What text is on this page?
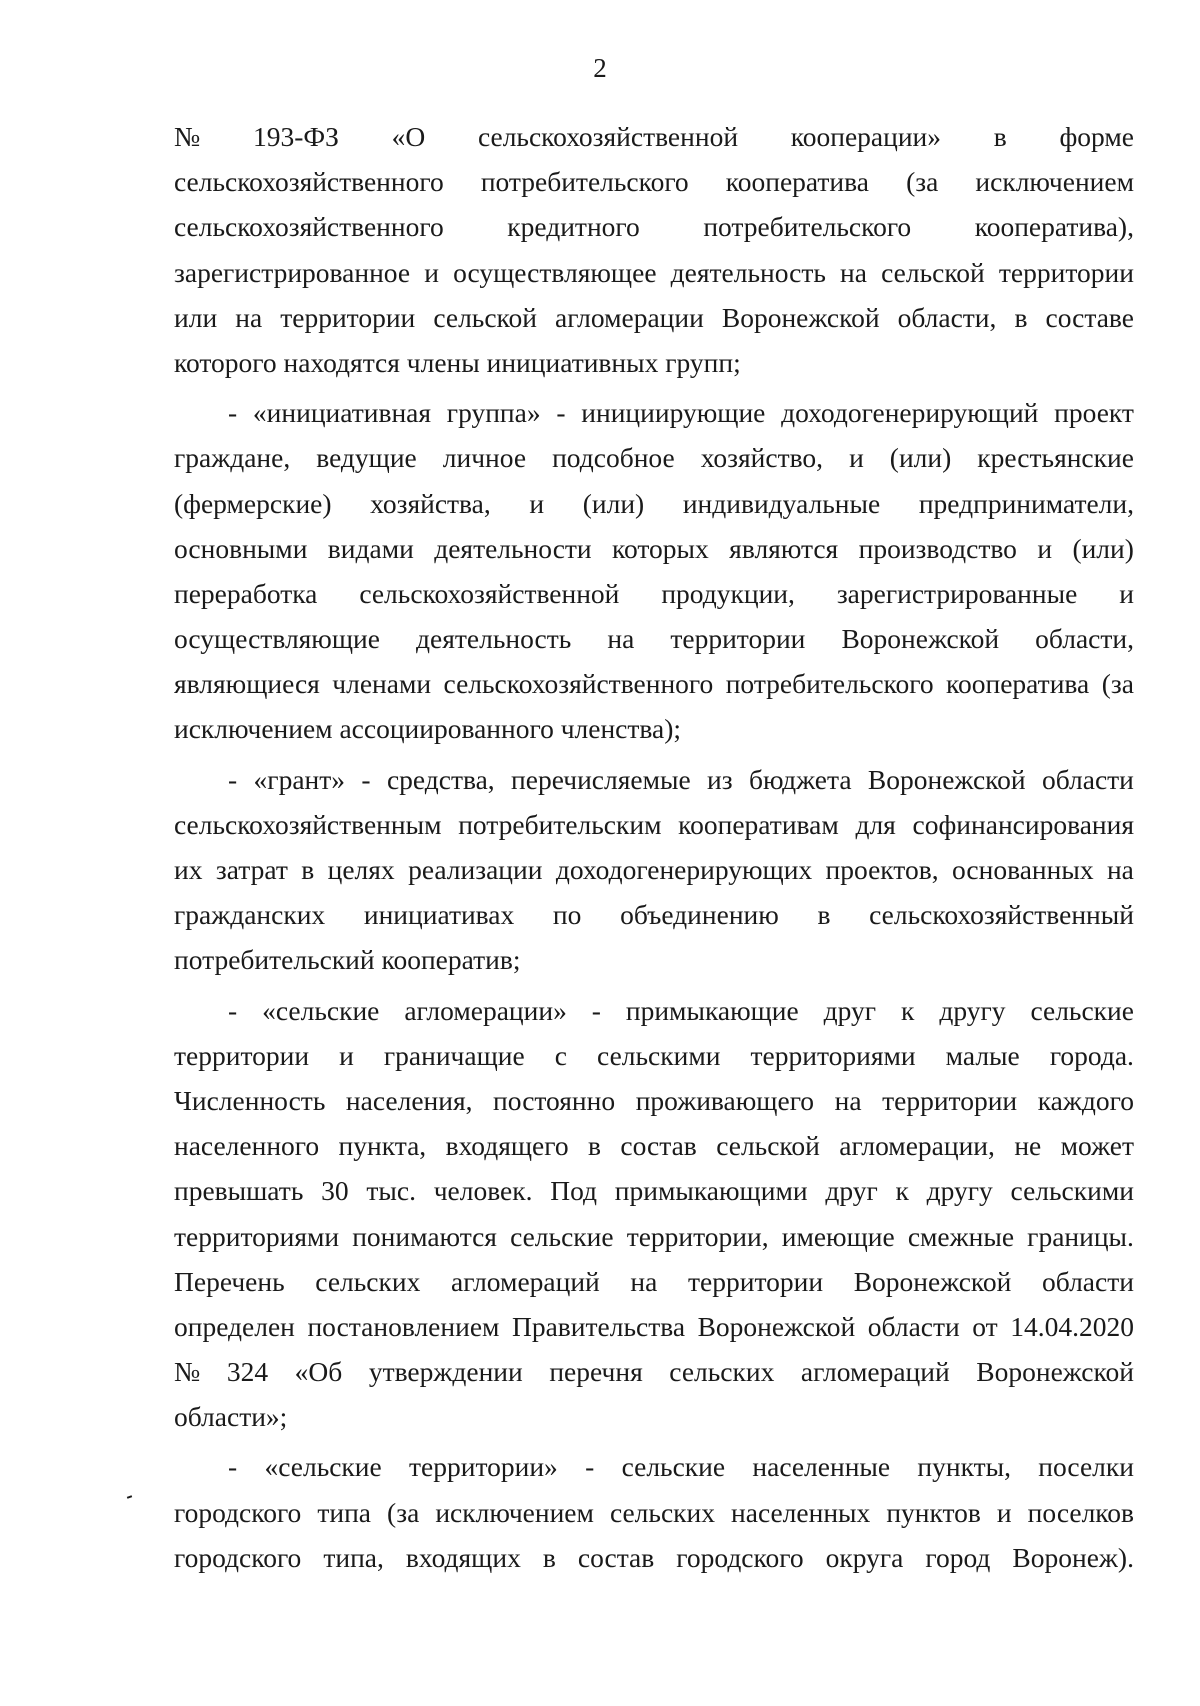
2
№ 193-ФЗ «О сельскохозяйственной кооперации» в форме
сельскохозяйственного потребительского кооператива (за исключением
сельскохозяйственного кредитного потребительского кооператива),
зарегистрированное и осуществляющее деятельность на сельской территории
или на территории сельской агломерации Воронежской области, в составе
которого находятся члены инициативных групп;
- «инициативная группа» - инициирующие доходогенерирующий проект
граждане, ведущие личное подсобное хозяйство, и (или) крестьянские
(фермерские) хозяйства, и (или) индивидуальные предприниматели,
основными видами деятельности которых являются производство и (или)
переработка сельскохозяйственной продукции, зарегистрированные и
осуществляющие деятельность на территории Воронежской области,
являющиеся членами сельскохозяйственного потребительского кооператива (за
исключением ассоциированного членства);
- «грант» - средства, перечисляемые из бюджета Воронежской области
сельскохозяйственным потребительским кооперативам для софинансирования
их затрат в целях реализации доходогенерирующих проектов, основанных на
гражданских инициативах по объединению в сельскохозяйственный
потребительский кооператив;
- «сельские агломерации» - примыкающие друг к другу сельские
территории и граничащие с сельскими территориями малые города.
Численность населения, постоянно проживающего на территории каждого
населенного пункта, входящего в состав сельской агломерации, не может
превышать 30 тыс. человек. Под примыкающими друг к другу сельскими
территориями понимаются сельские территории, имеющие смежные границы.
Перечень сельских агломераций на территории Воронежской области
определен постановлением Правительства Воронежской области от 14.04.2020
№ 324 «Об утверждении перечня сельских агломераций Воронежской
области»;
- «сельские территории» - сельские населенные пункты, поселки
городского типа (за исключением сельских населенных пунктов и поселков
городского типа, входящих в состав городского округа город Воронеж).
